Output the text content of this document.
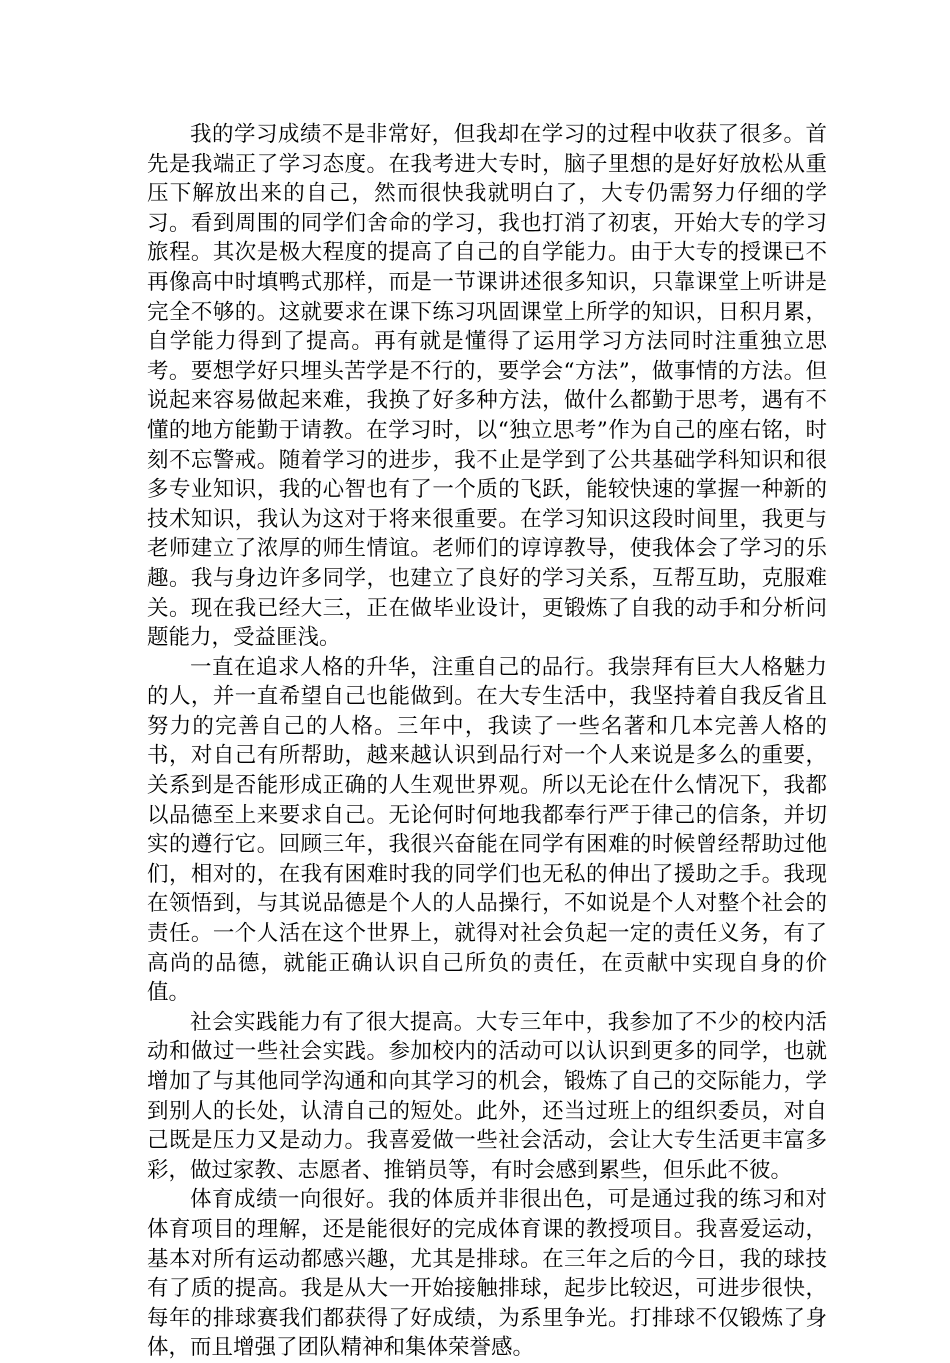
我的学习成绩不是非常好，但我却在学习的过程中收获了很多。首先是我端正了学习态度。在我考进大专时，脑子里想的是好好放松从重压下解放出来的自己，然而很快我就明白了，大专仍需努力仔细的学习。看到周围的同学们舍命的学习，我也打消了初衷，开始大专的学习旅程。其次是极大程度的提高了自己的自学能力。由于大专的授课已不再像高中时填鸭式那样，而是一节课讲述很多知识，只靠课堂上听讲是完全不够的。这就要求在课下练习巩固课堂上所学的知识，日积月累，自学能力得到了提高。再有就是懂得了运用学习方法同时注重独立思考。要想学好只埋头苦学是不行的，要学会“方法”，做事情的方法。但说起来容易做起来难，我换了好多种方法，做什么都勤于思考，遇有不懂的地方能勤于请教。在学习时，以“独立思考”作为自己的座右铭，时刻不忘警戒。随着学习的进步，我不止是学到了公共基础学科知识和很多专业知识，我的心智也有了一个质的飞跃，能较快速的掌握一种新的技术知识，我认为这对于将来很重要。在学习知识这段时间里，我更与老师建立了浓厚的师生情谊。老师们的谆谆教导，使我体会了学习的乐趣。我与身边许多同学，也建立了良好的学习关系，互帮互助，克服难关。现在我已经大三，正在做毕业设计，更锻炼了自我的动手和分析问题能力，受益匪浅。

一直在追求人格的升华，注重自己的品行。我崇拜有巨大人格魅力的人，并一直希望自己也能做到。在大专生活中，我坚持着自我反省且努力的完善自己的人格。三年中，我读了一些名著和几本完善人格的书，对自己有所帮助，越来越认识到品行对一个人来说是多么的重要，关系到是否能形成正确的人生观世界观。所以无论在什么情况下，我都以品德至上来要求自己。无论何时何地我都奉行严于律己的信条，并切实的遵行它。回顾三年，我很兴奋能在同学有困难的时候曾经帮助过他们，相对的，在我有困难时我的同学们也无私的伸出了援助之手。我现在领悟到，与其说品德是个人的人品操行，不如说是个人对整个社会的责任。一个人活在这个世界上，就得对社会负起一定的责任义务，有了高尚的品德，就能正确认识自己所负的责任，在贡献中实现自身的价值。

社会实践能力有了很大提高。大专三年中，我参加了不少的校内活动和做过一些社会实践。参加校内的活动可以认识到更多的同学，也就增加了与其他同学沟通和向其学习的机会，锻炼了自己的交际能力，学到别人的长处，认清自己的短处。此外，还当过班上的组织委员，对自己既是压力又是动力。我喜爱做一些社会活动，会让大专生活更丰富多彩，做过家教、志愿者、推销员等，有时会感到累些，但乐此不彼。

体育成绩一向很好。我的体质并非很出色，可是通过我的练习和对体育项目的理解，还是能很好的完成体育课的教授项目。我喜爱运动，基本对所有运动都感兴趣，尤其是排球。在三年之后的今日，我的球技有了质的提高。我是从大一开始接触排球，起步比较迟，可进步很快，每年的排球赛我们都获得了好成绩，为系里争光。打排球不仅锻炼了身体，而且增强了团队精神和集体荣誉感。
